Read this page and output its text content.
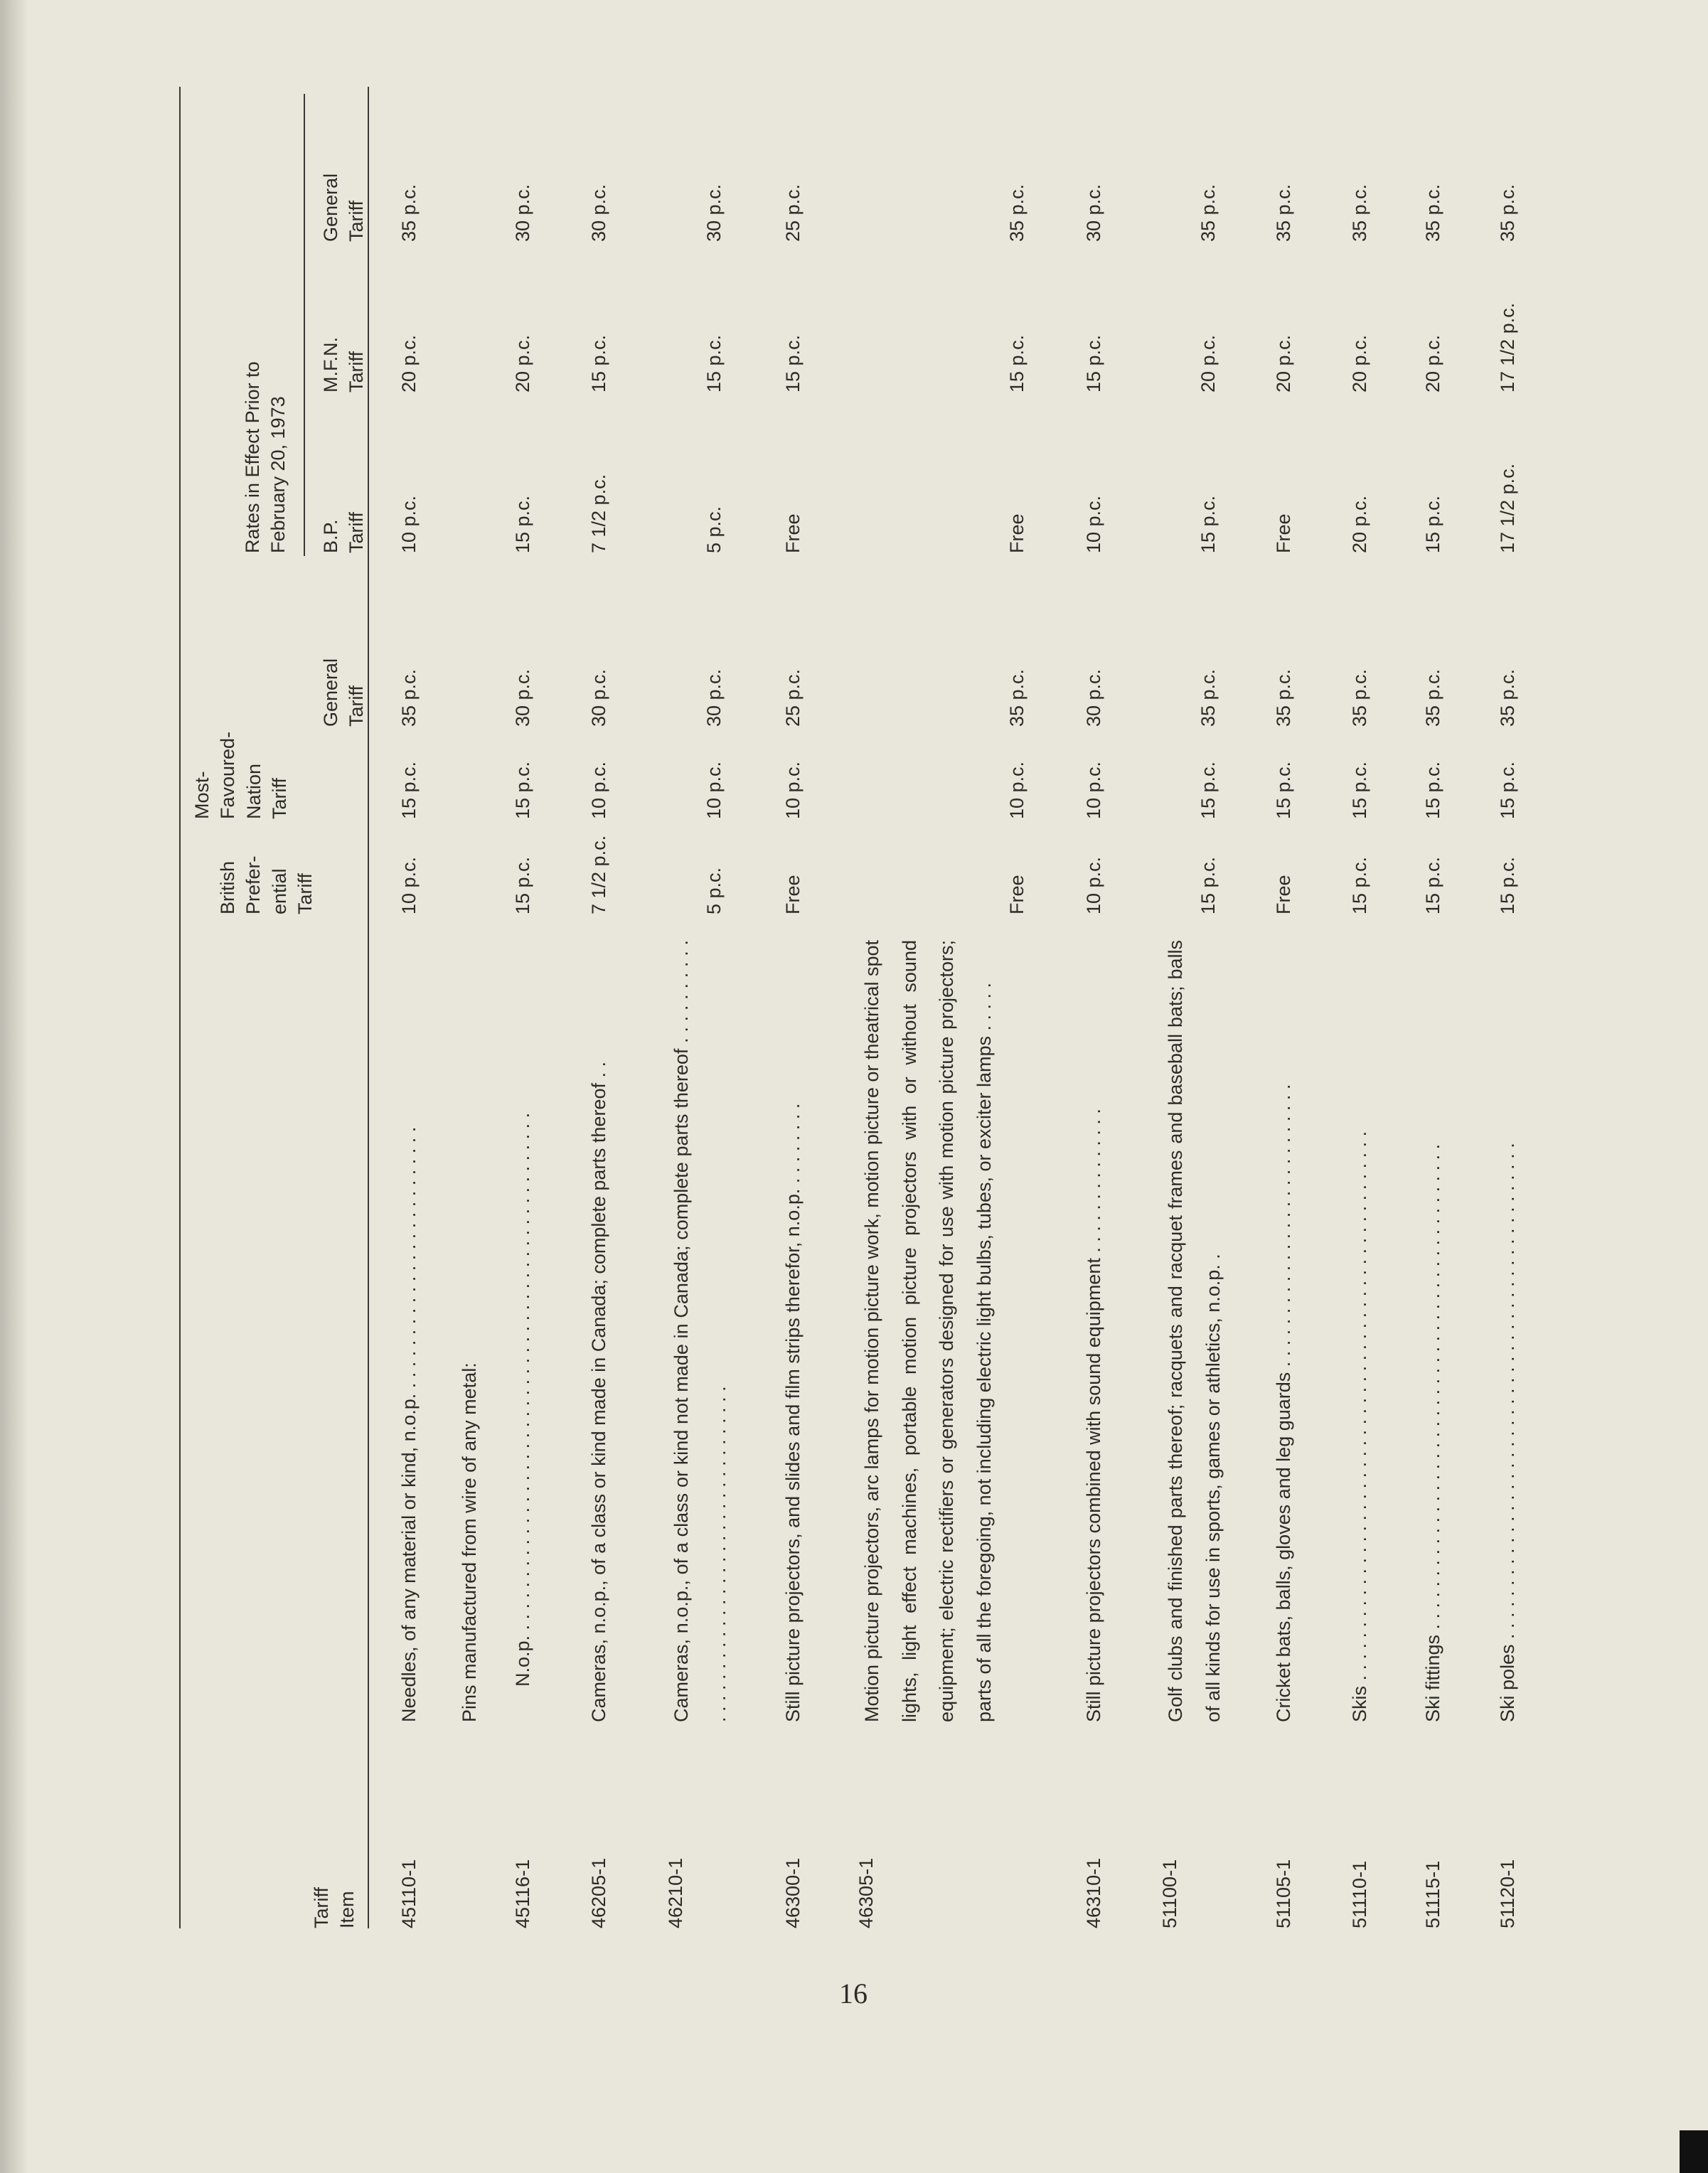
Tariff
Item
British
Prefer-
ential
Tariff
Most-
Favoured-
Nation
Tariff
General
Tariff
Rates in Effect Prior to
February 20, 1973
B.P.
Tariff
M.F.N.
Tariff
General
Tariff
45110-1
Needles, of any material or kind, n.o.p. . . . . . . . . . . . . . . . . . . . . . . . . .
10 p.c.
15 p.c.
35 p.c.
10 p.c.
20 p.c.
35 p.c.
Pins manufactured from wire of any metal:
45116-1
N.o.p. . . . . . . . . . . . . . . . . . . . . . . . . . . . . . . . . . . . . . . . . . . . . . . . . .
15 p.c.
15 p.c.
30 p.c.
15 p.c.
20 p.c.
30 p.c.
46205-1
Cameras, n.o.p., of a class or kind made in Canada; complete parts thereof . .
7 1/2 p.c.
10 p.c.
30 p.c.
7 1/2 p.c.
15 p.c.
30 p.c.
46210-1
Cameras, n.o.p., of a class or kind not made in Canada; complete parts thereof . . . . . . . . . . . . . . . . . . . . . . . . . . . . . . . . . . . . . . . . . .
5 p.c.
10 p.c.
30 p.c.
5 p.c.
15 p.c.
30 p.c.
46300-1
Still picture projectors, and slides and film strips therefor, n.o.p. . . . . . . . .
Free
10 p.c.
25 p.c.
Free
15 p.c.
25 p.c.
46305-1
Motion picture projectors, arc lamps for motion picture work, motion picture or theatrical spot lights, light effect machines, portable motion picture projectors with or without sound equipment; electric rectifiers or generators designed for use with motion picture projectors; parts of all the foregoing, not including electric light bulbs, tubes, or exciter lamps . . . . .
Free
10 p.c.
35 p.c.
Free
15 p.c.
35 p.c.
46310-1
Still picture projectors combined with sound equipment . . . . . . . . . . . . . .
10 p.c.
10 p.c.
30 p.c.
10 p.c.
15 p.c.
30 p.c.
51100-1
Golf clubs and finished parts thereof; racquets and racquet frames and baseball bats; balls of all kinds for use in sports, games or athletics, n.o.p. .
15 p.c.
15 p.c.
35 p.c.
15 p.c.
20 p.c.
35 p.c.
51105-1
Cricket bats, balls, gloves and leg guards . . . . . . . . . . . . . . . . . . . . . . . . . . .
Free
15 p.c.
35 p.c.
Free
20 p.c.
35 p.c.
51110-1
Skis . . . . . . . . . . . . . . . . . . . . . . . . . . . . . . . . . . . . . . . . . . . . . . . . . . . .
15 p.c.
15 p.c.
35 p.c.
20 p.c.
20 p.c.
35 p.c.
51115-1
Ski fittings . . . . . . . . . . . . . . . . . . . . . . . . . . . . . . . . . . . . . . . . . . . . . .
15 p.c.
15 p.c.
35 p.c.
15 p.c.
20 p.c.
35 p.c.
51120-1
Ski poles . . . . . . . . . . . . . . . . . . . . . . . . . . . . . . . . . . . . . . . . . . . . . . .
15 p.c.
15 p.c.
35 p.c.
17 1/2 p.c.
17 1/2 p.c.
35 p.c.
16
